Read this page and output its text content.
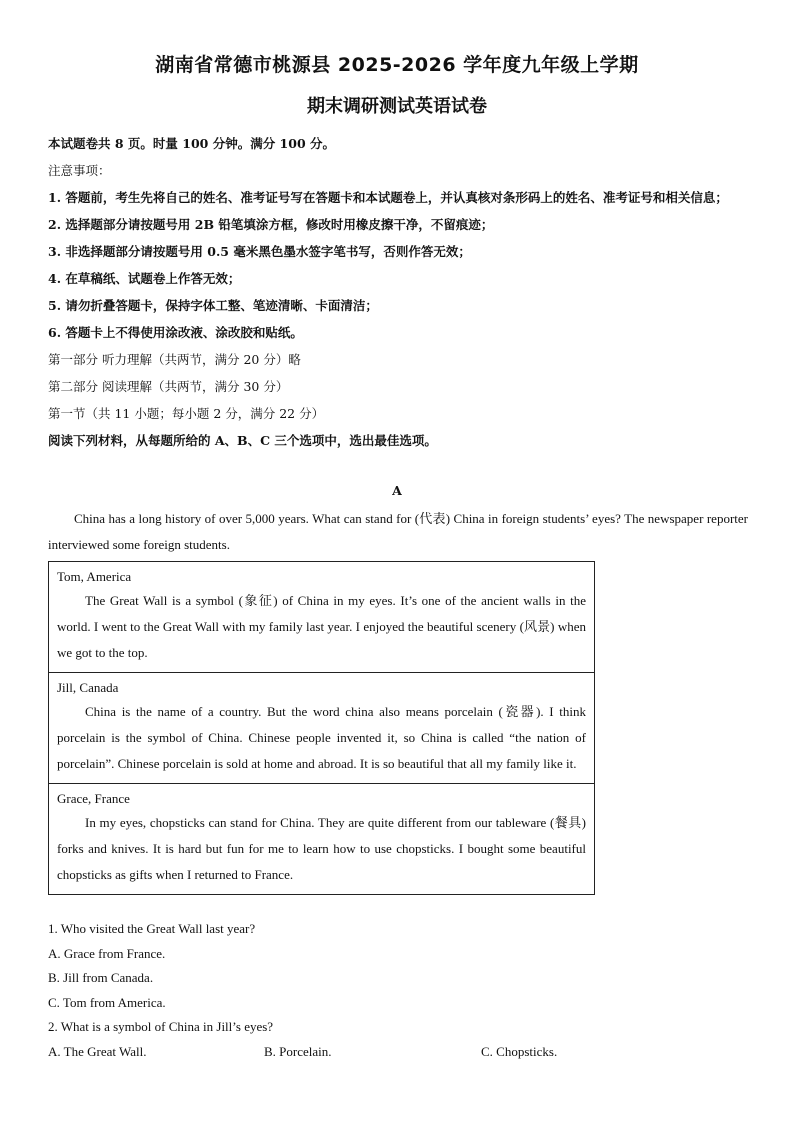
湖南省常德市桃源县 2025-2026 学年度九年级上学期
期末调研测试英语试卷
本试题卷共 8 页。时量 100 分钟。满分 100 分。
注意事项：
1. 答题前，考生先将自己的姓名、准考证号写在答题卡和本试题卷上，并认真核对条形码上的姓名、准考证号和相关信息；
2. 选择题部分请按题号用 2B 铅笔填涂方框，修改时用橡皮擦干净，不留痕迹；
3. 非选择题部分请按题号用 0.5 毫米黑色墨水签字笔书写，否则作答无效；
4. 在草稿纸、试题卷上作答无效；
5. 请勿折叠答题卡，保持字体工整、笔迹清晰、卡面清洁；
6. 答题卡上不得使用涂改液、涂改胶和贴纸。
第一部分 听力理解（共两节，满分 20 分）略
第二部分 阅读理解（共两节，满分 30 分）
第一节（共 11 小题；每小题 2 分，满分 22 分）
阅读下列材料，从每题所给的 A、B、C 三个选项中，选出最佳选项。
A
China has a long history of over 5,000 years. What can stand for (代表) China in foreign students’ eyes? The newspaper reporter interviewed some foreign students.
Tom, America
The Great Wall is a symbol (象征) of China in my eyes. It’s one of the ancient walls in the world. I went to the Great Wall with my family last year. I enjoyed the beautiful scenery (风景) when we got to the top.
Jill, Canada
China is the name of a country. But the word china also means porcelain (瓷器). I think porcelain is the symbol of China. Chinese people invented it, so China is called “the nation of porcelain”. Chinese porcelain is sold at home and abroad. It is so beautiful that all my family like it.
Grace, France
In my eyes, chopsticks can stand for China. They are quite different from our tableware (餐具) forks and knives. It is hard but fun for me to learn how to use chopsticks. I bought some beautiful chopsticks as gifts when I returned to France.
1. Who visited the Great Wall last year?
A. Grace from France.
B. Jill from Canada.
C. Tom from America.
2. What is a symbol of China in Jill’s eyes?
A. The Great Wall.	B. Porcelain.	C. Chopsticks.
